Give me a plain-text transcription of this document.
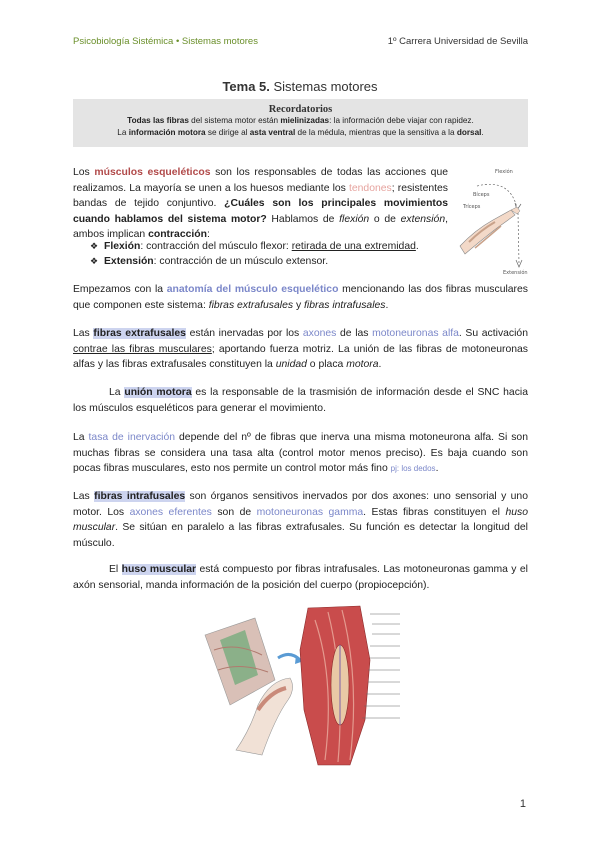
Psicobiología Sistémica • Sistemas motores	1º Carrera Universidad de Sevilla
Tema 5. Sistemas motores
Recordatorios
Todas las fibras del sistema motor están mielinizadas: la información debe viajar con rapidez.
La información motora se dirige al asta ventral de la médula, mientras que la sensitiva a la dorsal.

Los músculos esqueléticos son los responsables de todas las acciones que realizamos. La mayoría se unen a los huesos mediante los tendones; resistentes bandas de tejido conjuntivo. ¿Cuáles son los principales movimientos cuando hablamos del sistema motor? Hablamos de flexión o de extensión, ambos implican contracción:

❖ Flexión: contracción del músculo flexor: retirada de una extremidad.
❖ Extensión: contracción de un músculo extensor.
Flexión
Bíceps
Tríceps
Extensión

Empezamos con la anatomía del músculo esquelético mencionando las dos fibras musculares que componen este sistema: fibras extrafusales y fibras intrafusales.

Las fibras extrafusales están inervadas por los axones de las motoneuronas alfa. Su activación contrae las fibras musculares; aportando fuerza motriz. La unión de las fibras de motoneuronas alfas y las fibras extrafusales constituyen la unidad o placa motora.

La unión motora es la responsable de la trasmisión de información desde el SNC hacia los músculos esqueléticos para generar el movimiento.

La tasa de inervación depende del nº de fibras que inerva una misma motoneurona alfa. Si son muchas fibras se considera una tasa alta (control motor menos preciso). Es baja cuando son pocas fibras musculares, esto nos permite un control motor más fino pj: los dedos.

Las fibras intrafusales son órganos sensitivos inervados por dos axones: uno sensorial y uno motor. Los axones eferentes son de motoneuronas gamma. Estas fibras constituyen el huso muscular. Se sitúan en paralelo a las fibras extrafusales. Su función es detectar la longitud del músculo.

El huso muscular está compuesto por fibras intrafusales. Las motoneuronas gamma y el axón sensorial, manda información de la posición del cuerpo (propiocepción).

1
